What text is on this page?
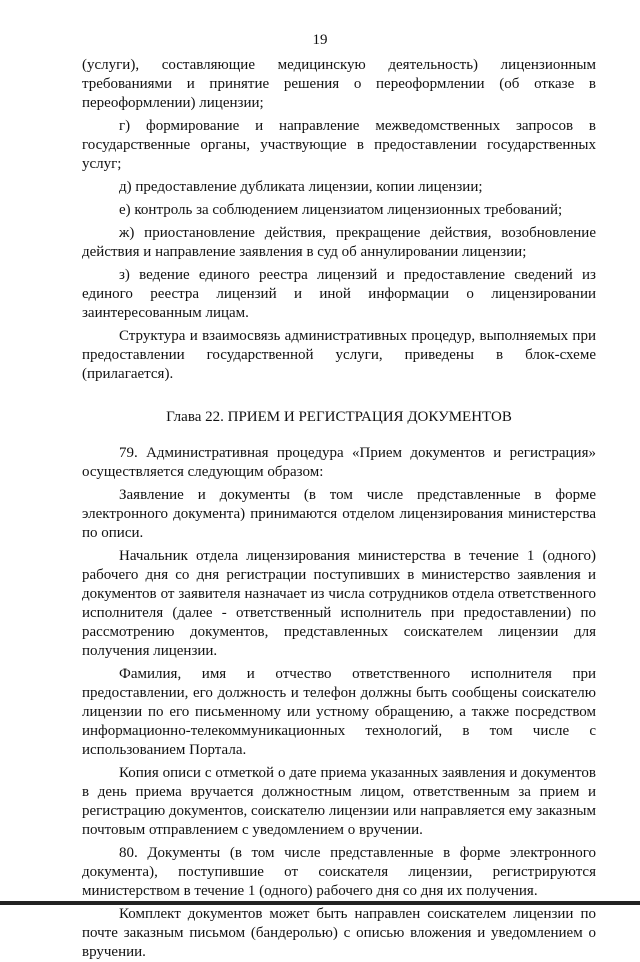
19

(услуги), составляющие медицинскую деятельность) лицензионным требованиями и принятие решения о переоформлении (об отказе в переоформлении) лицензии;

г) формирование и направление межведомственных запросов в государственные органы, участвующие в предоставлении государственных услуг;

д) предоставление дубликата лицензии, копии лицензии;

е) контроль за соблюдением лицензиатом лицензионных требований;

ж) приостановление действия, прекращение действия, возобновление действия и направление заявления в суд об аннулировании лицензии;

з) ведение единого реестра лицензий и предоставление сведений из единого реестра лицензий и иной информации о лицензировании заинтересованным лицам.

Структура и взаимосвязь административных процедур, выполняемых при предоставлении государственной услуги, приведены в блок-схеме (прилагается).

Глава 22. ПРИЕМ И РЕГИСТРАЦИЯ ДОКУМЕНТОВ

79. Административная процедура «Прием документов и регистрация» осуществляется следующим образом:

Заявление и документы (в том числе представленные в форме электронного документа) принимаются отделом лицензирования министерства по описи.

Начальник отдела лицензирования министерства в течение 1 (одного) рабочего дня со дня регистрации поступивших в министерство заявления и документов от заявителя назначает из числа сотрудников отдела ответственного исполнителя (далее - ответственный исполнитель при предоставлении) по рассмотрению документов, представленных соискателем лицензии для получения лицензии.

Фамилия, имя и отчество ответственного исполнителя при предоставлении, его должность и телефон должны быть сообщены соискателю лицензии по его письменному или устному обращению, а также посредством информационно-телекоммуникационных технологий, в том числе с использованием Портала.

Копия описи с отметкой о дате приема указанных заявления и документов в день приема вручается должностным лицом, ответственным за прием и регистрацию документов, соискателю лицензии или направляется ему заказным почтовым отправлением с уведомлением о вручении.

80. Документы (в том числе представленные в форме электронного документа), поступившие от соискателя лицензии, регистрируются министерством в течение 1 (одного) рабочего дня со дня их получения.

Комплект документов может быть направлен соискателем лицензии по почте заказным письмом (бандеролью) с описью вложения и уведомлением о вручении.
